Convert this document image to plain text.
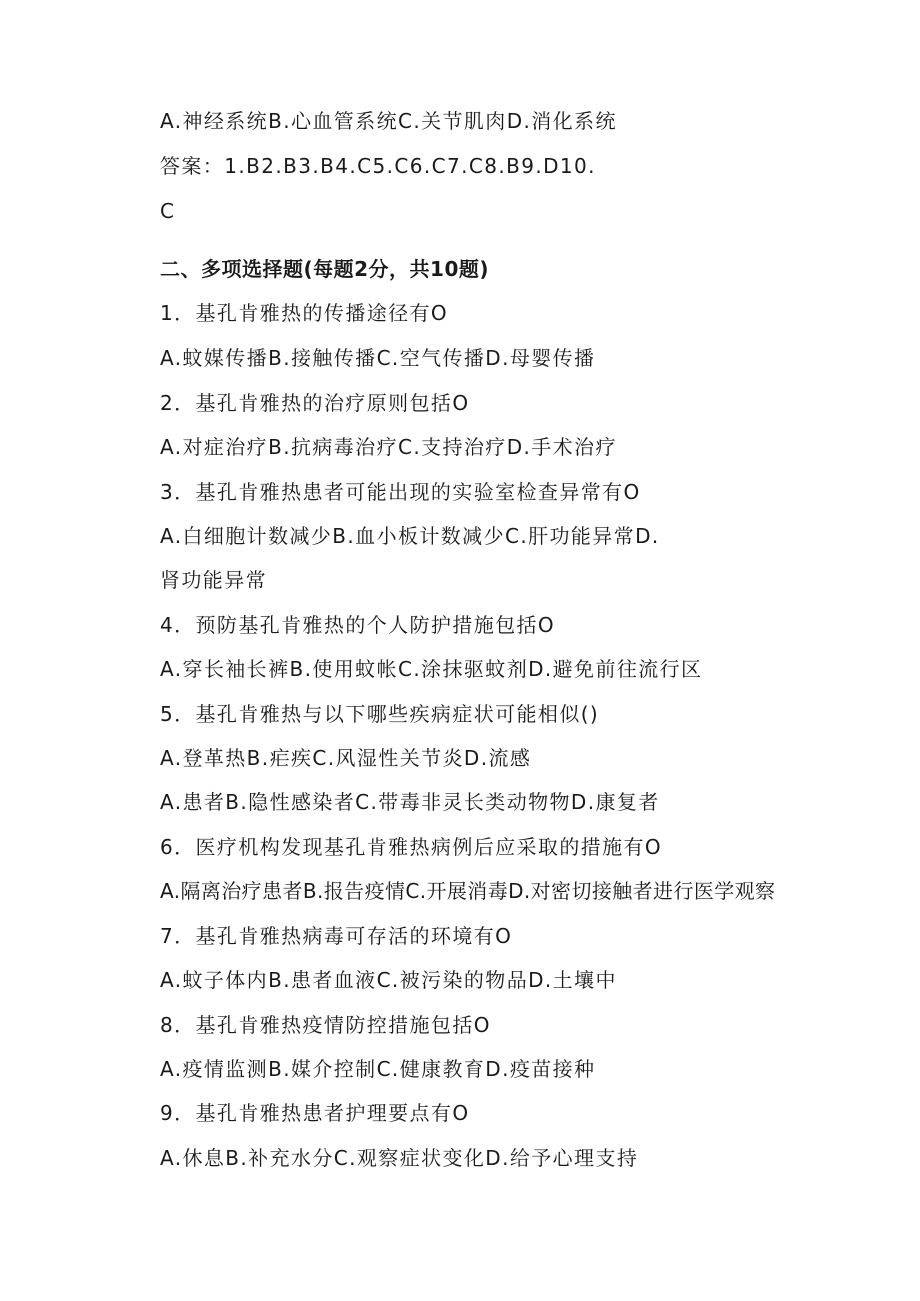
A.神经系统B.心血管系统C.关节肌肉D.消化系统

答案：1.B2.B3.B4.C5.C6.C7.C8.B9.D10.

C

二、多项选择题(每题2分，共10题)

1．基孔肯雅热的传播途径有O

A.蚊媒传播B.接触传播C.空气传播D.母婴传播

2．基孔肯雅热的治疗原则包括O

A.对症治疗B.抗病毒治疗C.支持治疗D.手术治疗

3．基孔肯雅热患者可能出现的实验室检查异常有O

A.白细胞计数减少B.血小板计数减少C.肝功能异常D.

肾功能异常

4．预防基孔肯雅热的个人防护措施包括O

A.穿长袖长裤B.使用蚊帐C.涂抹驱蚊剂D.避免前往流行区

5．基孔肯雅热与以下哪些疾病症状可能相似()

A.登革热B.疟疾C.风湿性关节炎D.流感

A.患者B.隐性感染者C.带毒非灵长类动物物D.康复者

6．医疗机构发现基孔肯雅热病例后应采取的措施有O

A.隔离治疗患者B.报告疫情C.开展消毒D.对密切接触者进行医学观察

7．基孔肯雅热病毒可存活的环境有O

A.蚊子体内B.患者血液C.被污染的物品D.土壤中

8．基孔肯雅热疫情防控措施包括O

A.疫情监测B.媒介控制C.健康教育D.疫苗接种

9．基孔肯雅热患者护理要点有O

A.休息B.补充水分C.观察症状变化D.给予心理支持
